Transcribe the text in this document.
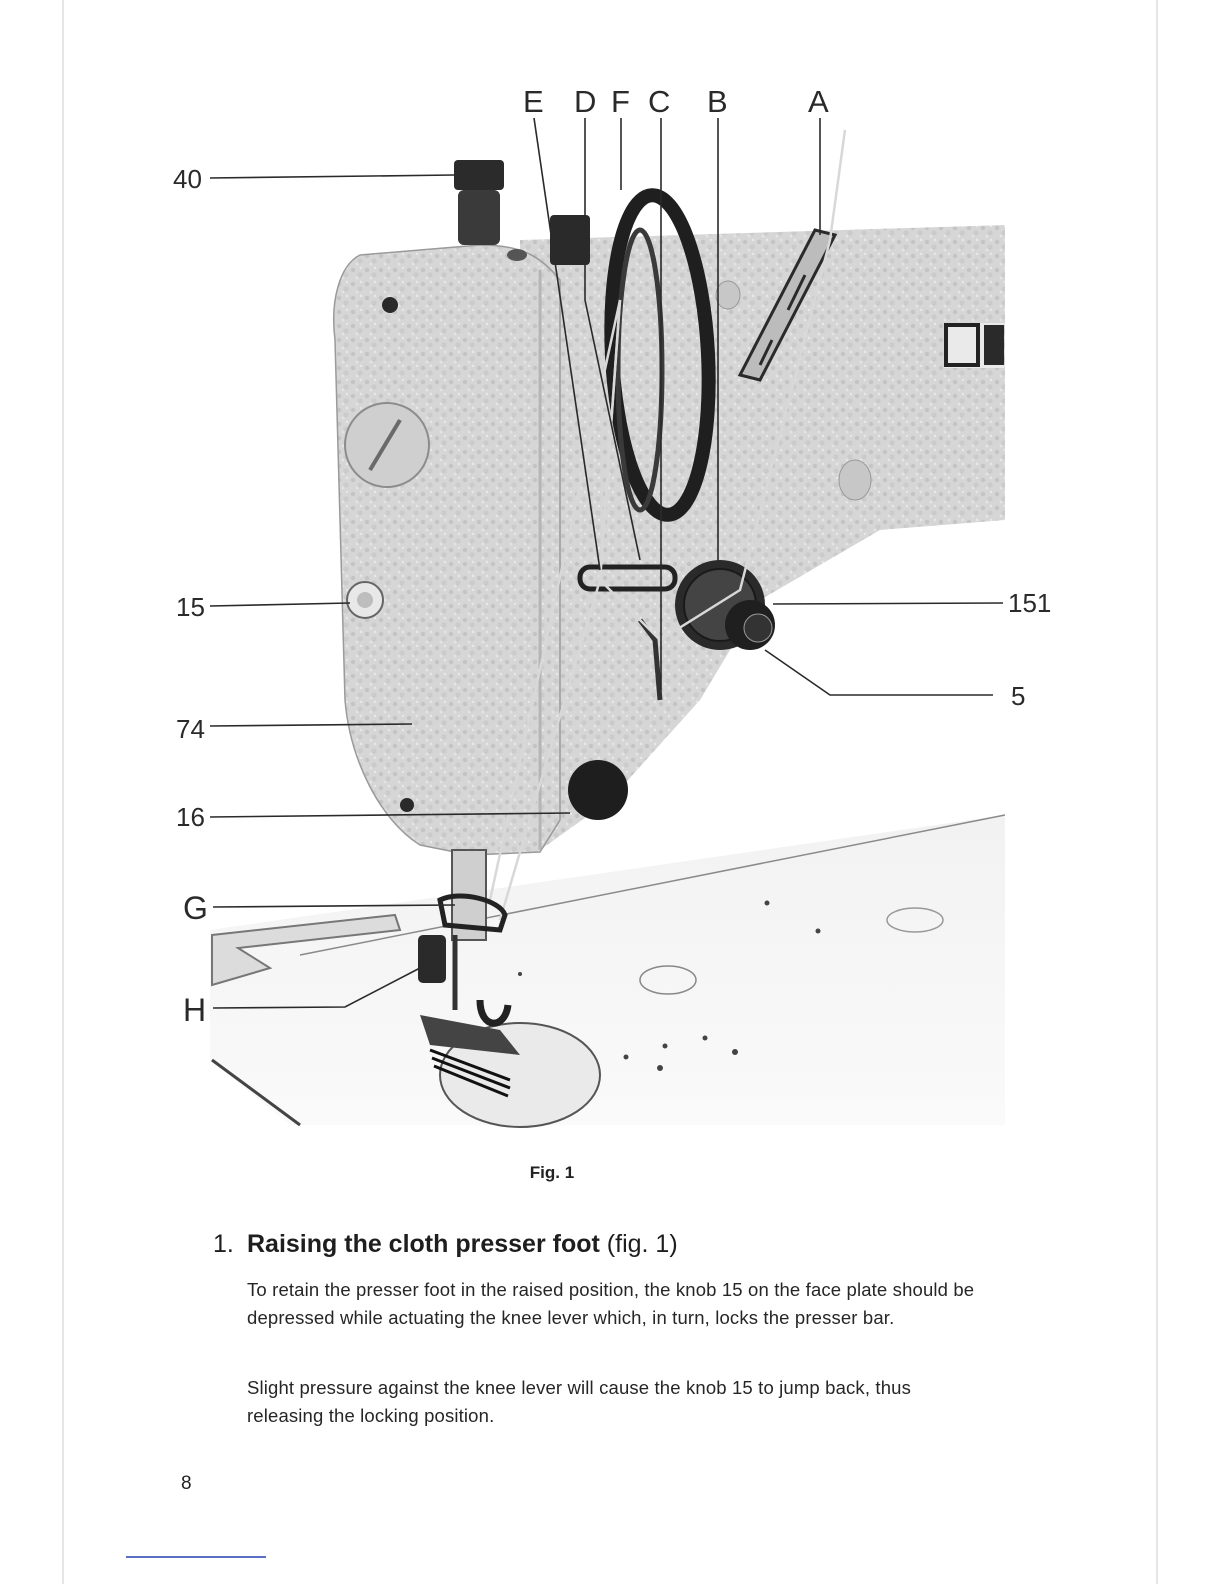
E D F C B	A
40
15
74
16
151
5
G
H
Fig. 1
1. Raising the cloth presser foot (fig. 1)

To retain the presser foot in the raised position, the knob 15 on the face plate should be depressed while actuating the knee lever which, in turn, locks the presser bar.

Slight pressure against the knee lever will cause the knob 15 to jump back, thus releasing the locking position.

8
